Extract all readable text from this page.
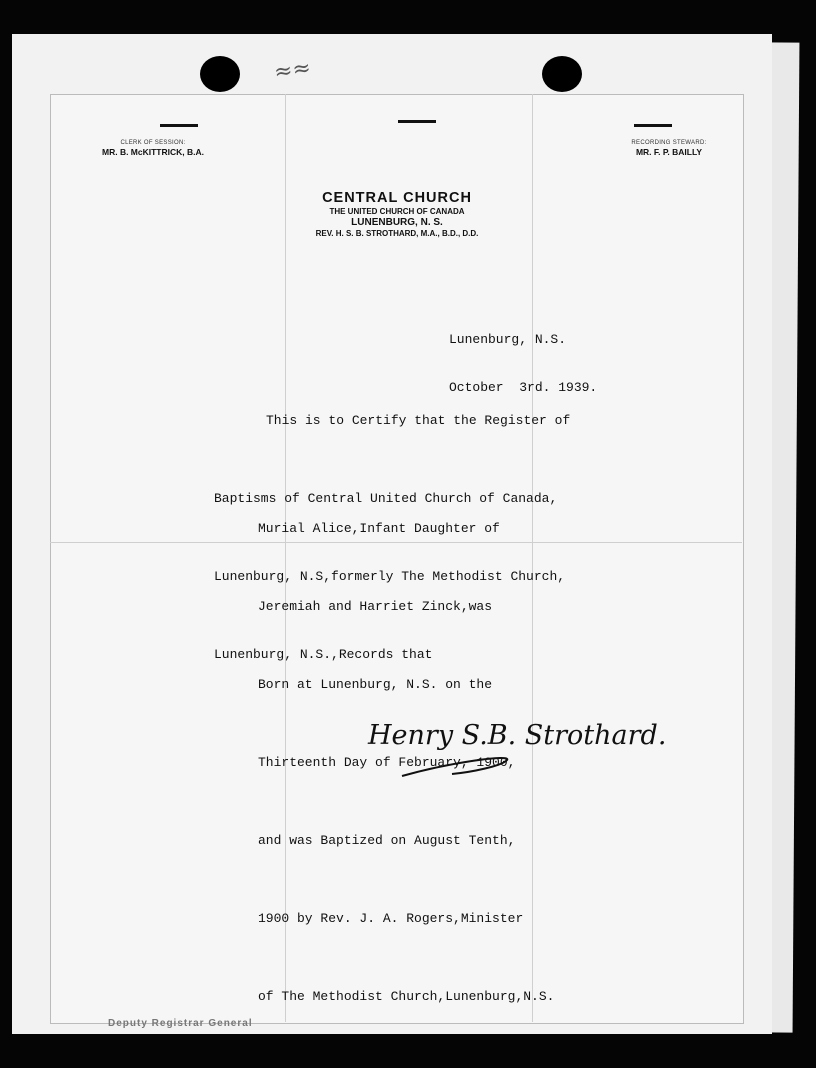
≈≈
CLERK OF SESSION:
MR. B. McKITTRICK, B.A.
RECORDING STEWARD:
MR. F. P. BAILLY
CENTRAL CHURCH
THE UNITED CHURCH OF CANADA
LUNENBURG, N. S.
REV. H. S. B. STROTHARD, M.A., B.D., D.D.

Lunenburg, N.S.

October  3rd. 1939.

This is to Certify that the Register of

Baptisms of Central United Church of Canada,

Lunenburg, N.S,formerly The Methodist Church,

Lunenburg, N.S.,Records that

Murial Alice,Infant Daughter of

Jeremiah and Harriet Zinck,was

Born at Lunenburg, N.S. on the

Thirteenth Day of February, 1900,

and was Baptized on August Tenth,

1900 by Rev. J. A. Rogers,Minister

of The Methodist Church,Lunenburg,N.S.

Henry S.B. Strothard.
Deputy Registrar General
